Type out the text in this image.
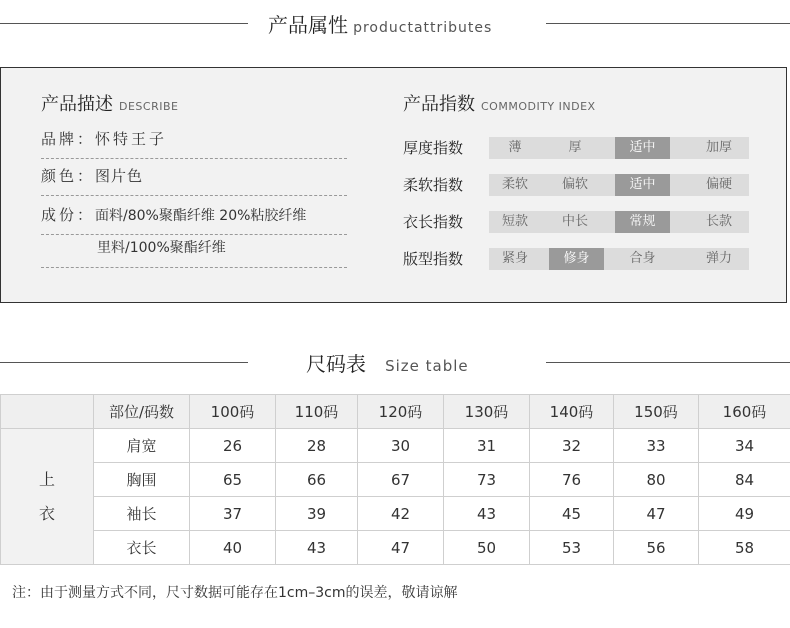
产品属性 productattributes
产品描述 DESCRIBE
品牌：怀特王子
颜色：图片色
成份：面料/80%聚酯纤维 20%粘胶纤维
里料/100%聚酯纤维
产品指数 COMMODITY INDEX
厚度指数	薄	厚	适中	加厚
柔软指数	柔软	偏软	适中	偏硬
衣长指数	短款	中长	常规	长款
版型指数	紧身	修身	合身	弹力
尺码表 Size table
	部位/码数	100码	110码	120码	130码	140码	150码	160码

上
衣	肩宽	26	28	30	31	32	33	34
	胸围	65	66	67	73	76	80	84
	袖长	37	39	42	43	45	47	49
	衣长	40	43	47	50	53	56	58
注：由于测量方式不同，尺寸数据可能存在1cm–3cm的误差，敬请谅解
